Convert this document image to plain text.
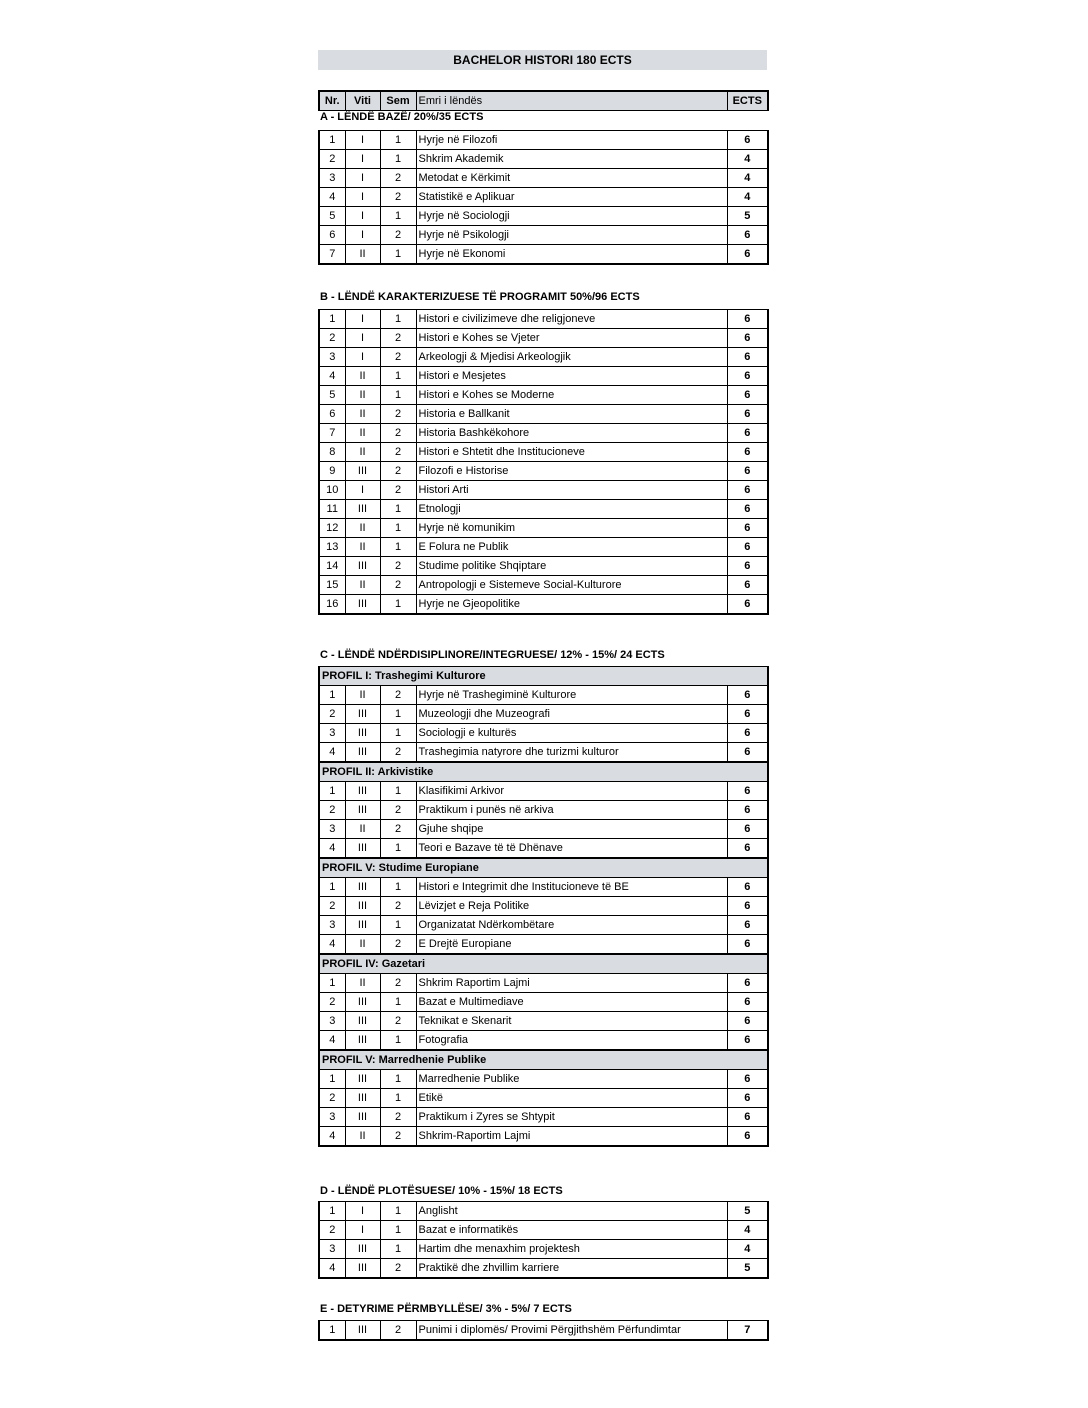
BACHELOR HISTORI 180 ECTS
Nr.	Viti	Sem	Emri i lëndës	ECTS
A - LËNDË BAZË/ 20%/35 ECTS
1	I	1	Hyrje në Filozofi	6
2	I	1	Shkrim Akademik	4
3	I	2	Metodat e Kërkimit	4
4	I	2	Statistikë e Aplikuar	4
5	I	1	Hyrje në Sociologji	5
6	I	2	Hyrje në Psikologji	6
7	II	1	Hyrje në Ekonomi	6
B - LËNDË KARAKTERIZUESE TË PROGRAMIT 50%/96 ECTS
1	I	1	Histori e civilizimeve dhe religjoneve	6
2	I	2	Histori e Kohes se Vjeter	6
3	I	2	Arkeologji & Mjedisi Arkeologjik	6
4	II	1	Histori e Mesjetes	6
5	II	1	Histori e Kohes se Moderne	6
6	II	2	Historia e Ballkanit	6
7	II	2	Historia Bashkëkohore	6
8	II	2	Histori e Shtetit dhe Institucioneve	6
9	III	2	Filozofi e Historise	6
10	I	2	Histori Arti	6
11	III	1	Etnologji	6
12	II	1	Hyrje në komunikim	6
13	II	1	E Folura ne Publik	6
14	III	2	Studime politike Shqiptare	6
15	II	2	Antropologji e Sistemeve Social-Kulturore	6
16	III	1	Hyrje ne Gjeopolitike	6
C - LËNDË NDËRDISIPLINORE/INTEGRUESE/ 12% - 15%/ 24 ECTS
PROFIL I: Trashegimi Kulturore				
1	II	2	Hyrje në Trashegiminë Kulturore	6
2	III	1	Muzeologji dhe Muzeografi	6
3	III	1	Sociologji e kulturës	6
4	III	2	Trashegimia natyrore dhe turizmi kulturor	6
PROFIL II: Arkivistike				
1	III	1	Klasifikimi Arkivor	6
2	III	2	Praktikum i punës në arkiva	6
3	II	2	Gjuhe shqipe	6
4	III	1	Teori e Bazave të të Dhënave	6
PROFIL V: Studime Europiane				
1	III	1	Histori e Integrimit dhe Institucioneve të BE	6
2	III	2	Lëvizjet e Reja Politike	6
3	III	1	Organizatat Ndërkombëtare	6
4	II	2	E Drejtë Europiane	6
PROFIL IV: Gazetari				
1	II	2	Shkrim Raportim Lajmi	6
2	III	1	Bazat e Multimediave	6
3	III	2	Teknikat e Skenarit	6
4	III	1	Fotografia	6
PROFIL V: Marredhenie Publike				
1	III	1	Marredhenie Publike	6
2	III	1	Etikë	6
3	III	2	Praktikum i Zyres se Shtypit	6
4	II	2	Shkrim-Raportim Lajmi	6
D - LËNDË PLOTËSUESE/ 10% - 15%/ 18 ECTS
1	I	1	Anglisht	5
2	I	1	Bazat e informatikës	4
3	III	1	Hartim dhe menaxhim projektesh	4
4	III	2	Praktikë dhe zhvillim karriere	5
E - DETYRIME PËRMBYLLËSE/ 3% - 5%/ 7 ECTS
1	III	2	Punimi i diplomës/ Provimi Përgjithshëm Përfundimtar	7
